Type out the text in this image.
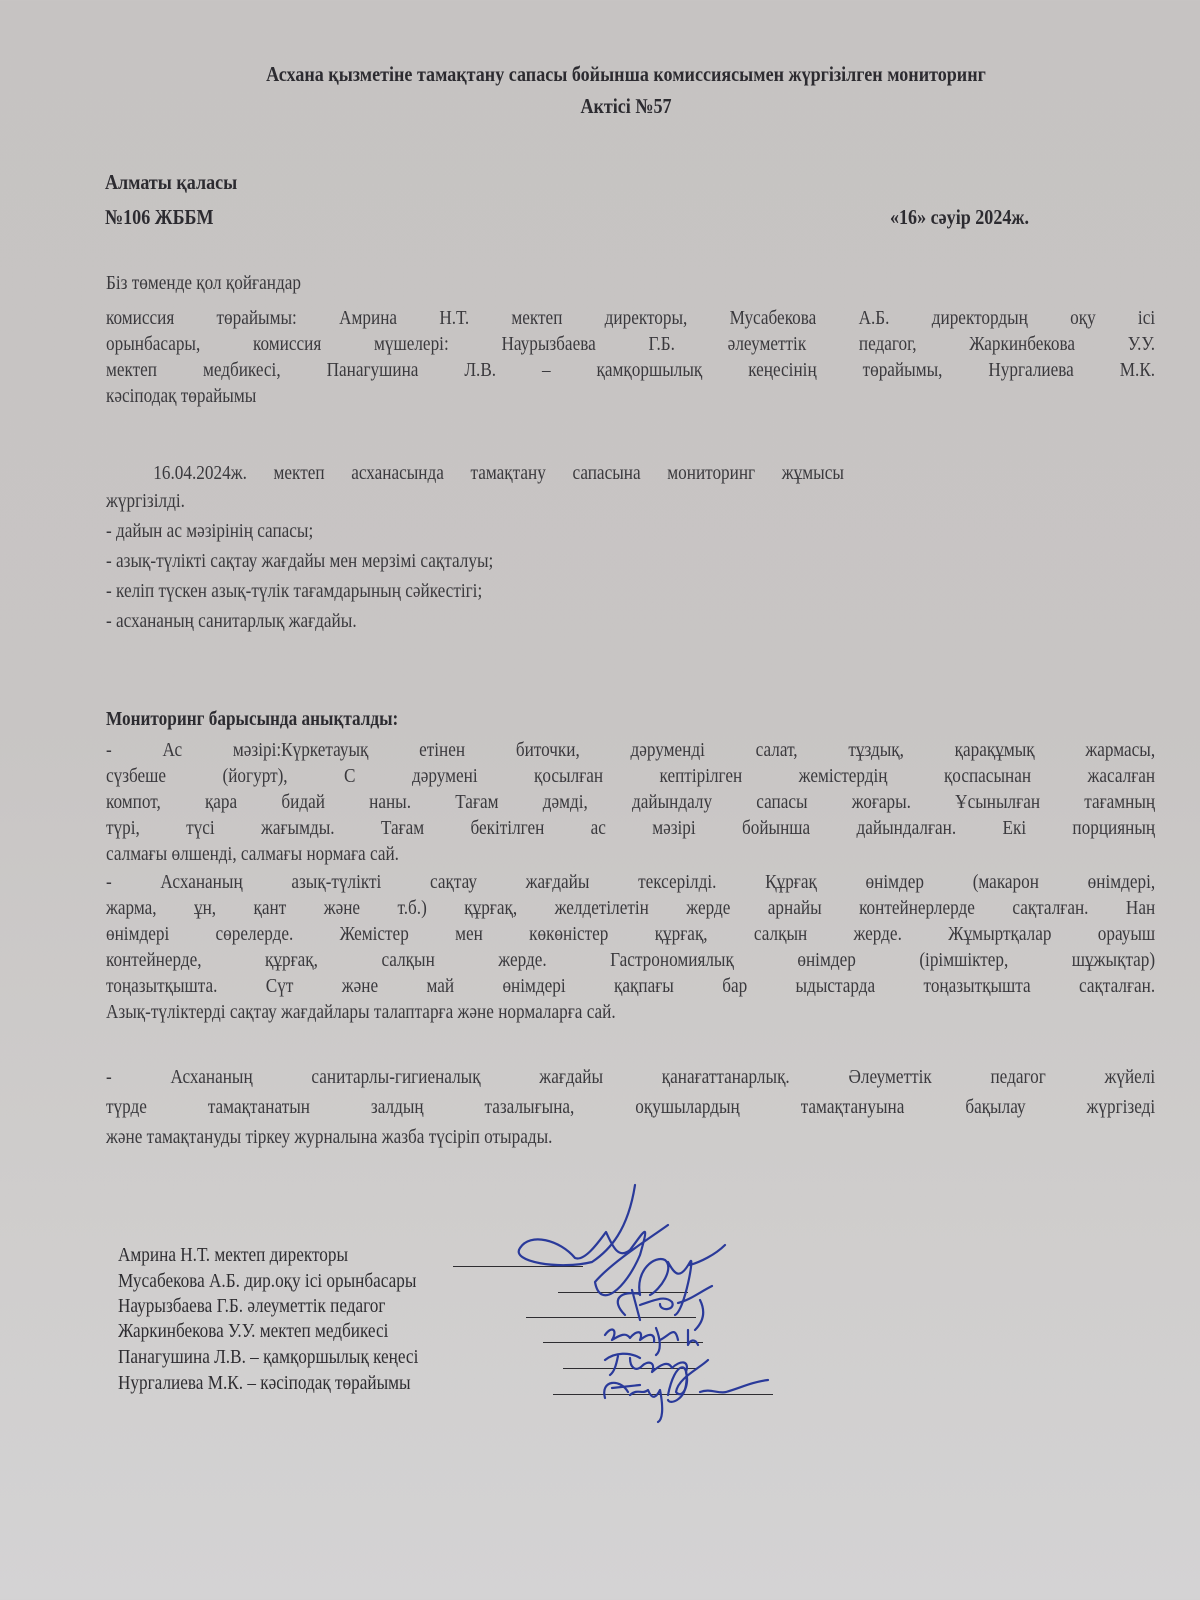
Асхана қызметіне тамақтану сапасы бойынша комиссиясымен жүргізілген мониторинг
Актісі №57
Алматы қаласы
№106 ЖББМ	«16» сәуір 2024ж.
Біз төменде қол қойғандар
комиссия төрайымы: Амрина Н.Т. мектеп директоры, Мусабекова А.Б. директордың оқу ісі
орынбасары,	комиссия	мүшелері:	Наурызбаева	Г.Б.	әлеуметтік	педагог,	Жаркинбекова	У.У.
мектеп медбикесі, Панагушина Л.В. – қамқоршылық кеңесінің төрайымы, Нургалиева М.К.
кәсіподақ төрайымы
16.04.2024ж. мектеп асханасында тамақтану сапасына мониторинг жұмысы
жүргізілді.
- дайын ас мәзірінің сапасы;
- азық-түлікті сақтау жағдайы мен мерзімі сақталуы;
- келіп түскен азық-түлік тағамдарының сәйкестігі;
- асхананың санитарлық жағдайы.
Мониторинг барысында анықталды:
-	Ас	мәзірі:Күркетауық	етінен	биточки,	дәруменді	салат,	тұздық,	қарақұмық	жармасы,
сүзбеше	(йогурт),	С	дәрумені	қосылған	кептірілген	жемістердің	қоспасынан	жасалған
компот, қара бидай наны. Тағам дәмді, дайындалу сапасы жоғары. Ұсынылған тағамның
түрі, түсі жағымды. Тағам бекітілген ас мәзірі бойынша дайындалған. Екі порцияның
салмағы өлшенді, салмағы нормаға сай.
- Асхананың азық-түлікті сақтау жағдайы тексерілді. Құрғақ өнімдер (макарон өнімдері,
жарма, ұн, қант және т.б.) құрғақ, желдетілетін жерде арнайы контейнерлерде сақталған. Нан
өнімдері сөрелерде. Жемістер мен көкөністер құрғақ, салқын жерде. Жұмыртқалар орауыш
контейнерде,	құрғақ,	салқын	жерде.	Гастрономиялық	өнімдер	(ірімшіктер,	шұжықтар)
тоңазытқышта. Сүт және май өнімдері қақпағы бар ыдыстарда тоңазытқышта сақталған.
Азық-түліктерді сақтау жағдайлары талаптарға және нормаларға сай.
-	Асхананың	санитарлы-гигиеналық	жағдайы	қанағаттанарлық.	Әлеуметтік	педагог	жүйелі
түрде	тамақтанатын	залдың	тазалығына,	оқушылардың	тамақтануына	бақылау	жүргізеді
және тамақтануды тіркеу журналына жазба түсіріп отырады.
Амрина Н.Т. мектеп директоры
Мусабекова А.Б. дир.оқу ісі орынбасары
Наурызбаева Г.Б. әлеуметтік педагог
Жаркинбекова У.У. мектеп медбикесі
Панагушина Л.В. – қамқоршылық кеңесі
Нургалиева М.К. – кәсіподақ төрайымы
